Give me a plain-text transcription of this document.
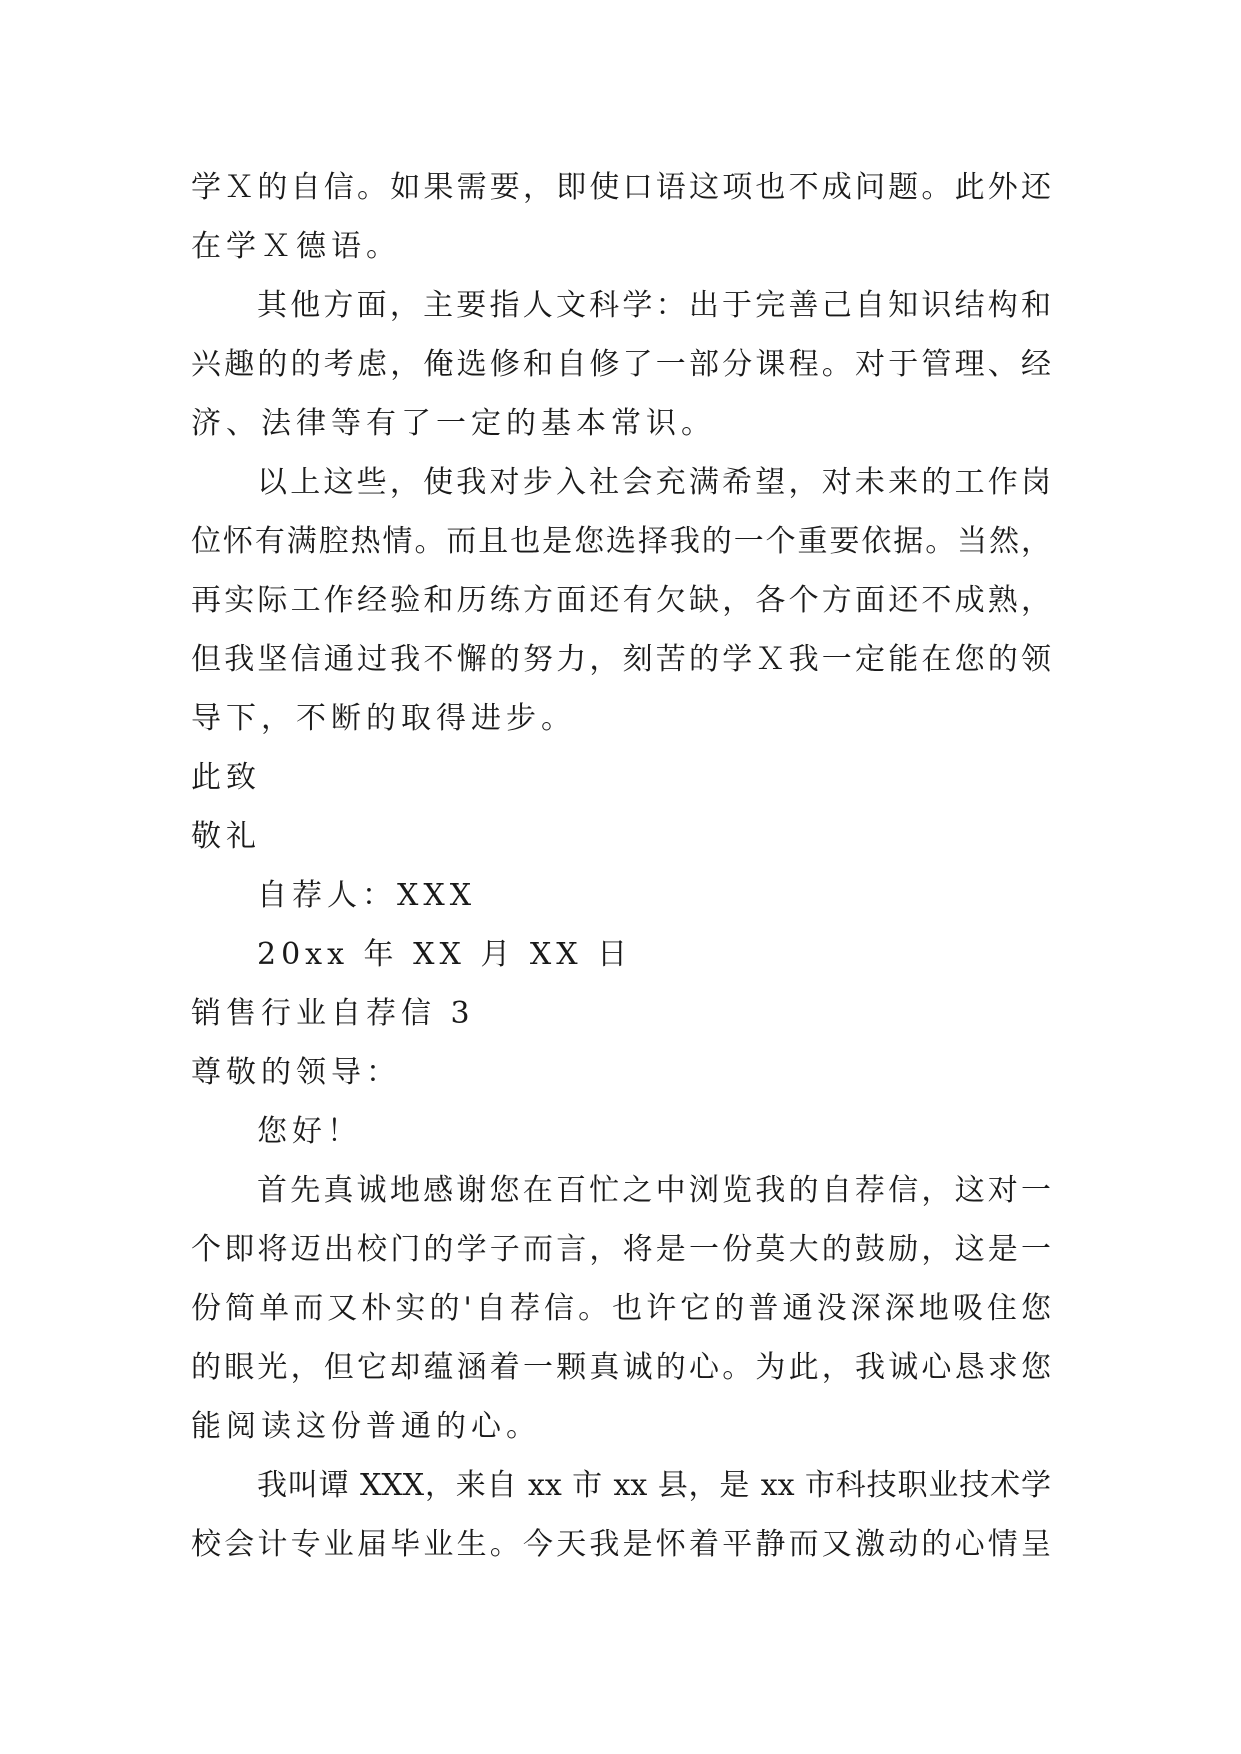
学Ｘ的自信。如果需要，即使口语这项也不成问题。此外还
在学Ｘ德语。
其他方面，主要指人文科学：出于完善己自知识结构和
兴趣的的考虑，俺选修和自修了一部分课程。对于管理、经
济、法律等有了一定的基本常识。
以上这些，使我对步入社会充满希望，对未来的工作岗
位怀有满腔热情。而且也是您选择我的一个重要依据。当然，
再实际工作经验和历练方面还有欠缺，各个方面还不成熟，
但我坚信通过我不懈的努力，刻苦的学Ｘ我一定能在您的领
导下，不断的取得进步。
此致
敬礼
自荐人：XXX
20xx 年 XX 月 XX 日
销售行业自荐信 3
尊敬的领导：
您好！
首先真诚地感谢您在百忙之中浏览我的自荐信，这对一
个即将迈出校门的学子而言，将是一份莫大的鼓励，这是一
份简单而又朴实的'自荐信。也许它的普通没深深地吸住您
的眼光，但它却蕴涵着一颗真诚的心。为此，我诚心恳求您
能阅读这份普通的心。
我叫谭 XXX，来自 xx 市 xx 县，是 xx 市科技职业技术学
校会计专业届毕业生。今天我是怀着平静而又激动的心情呈
